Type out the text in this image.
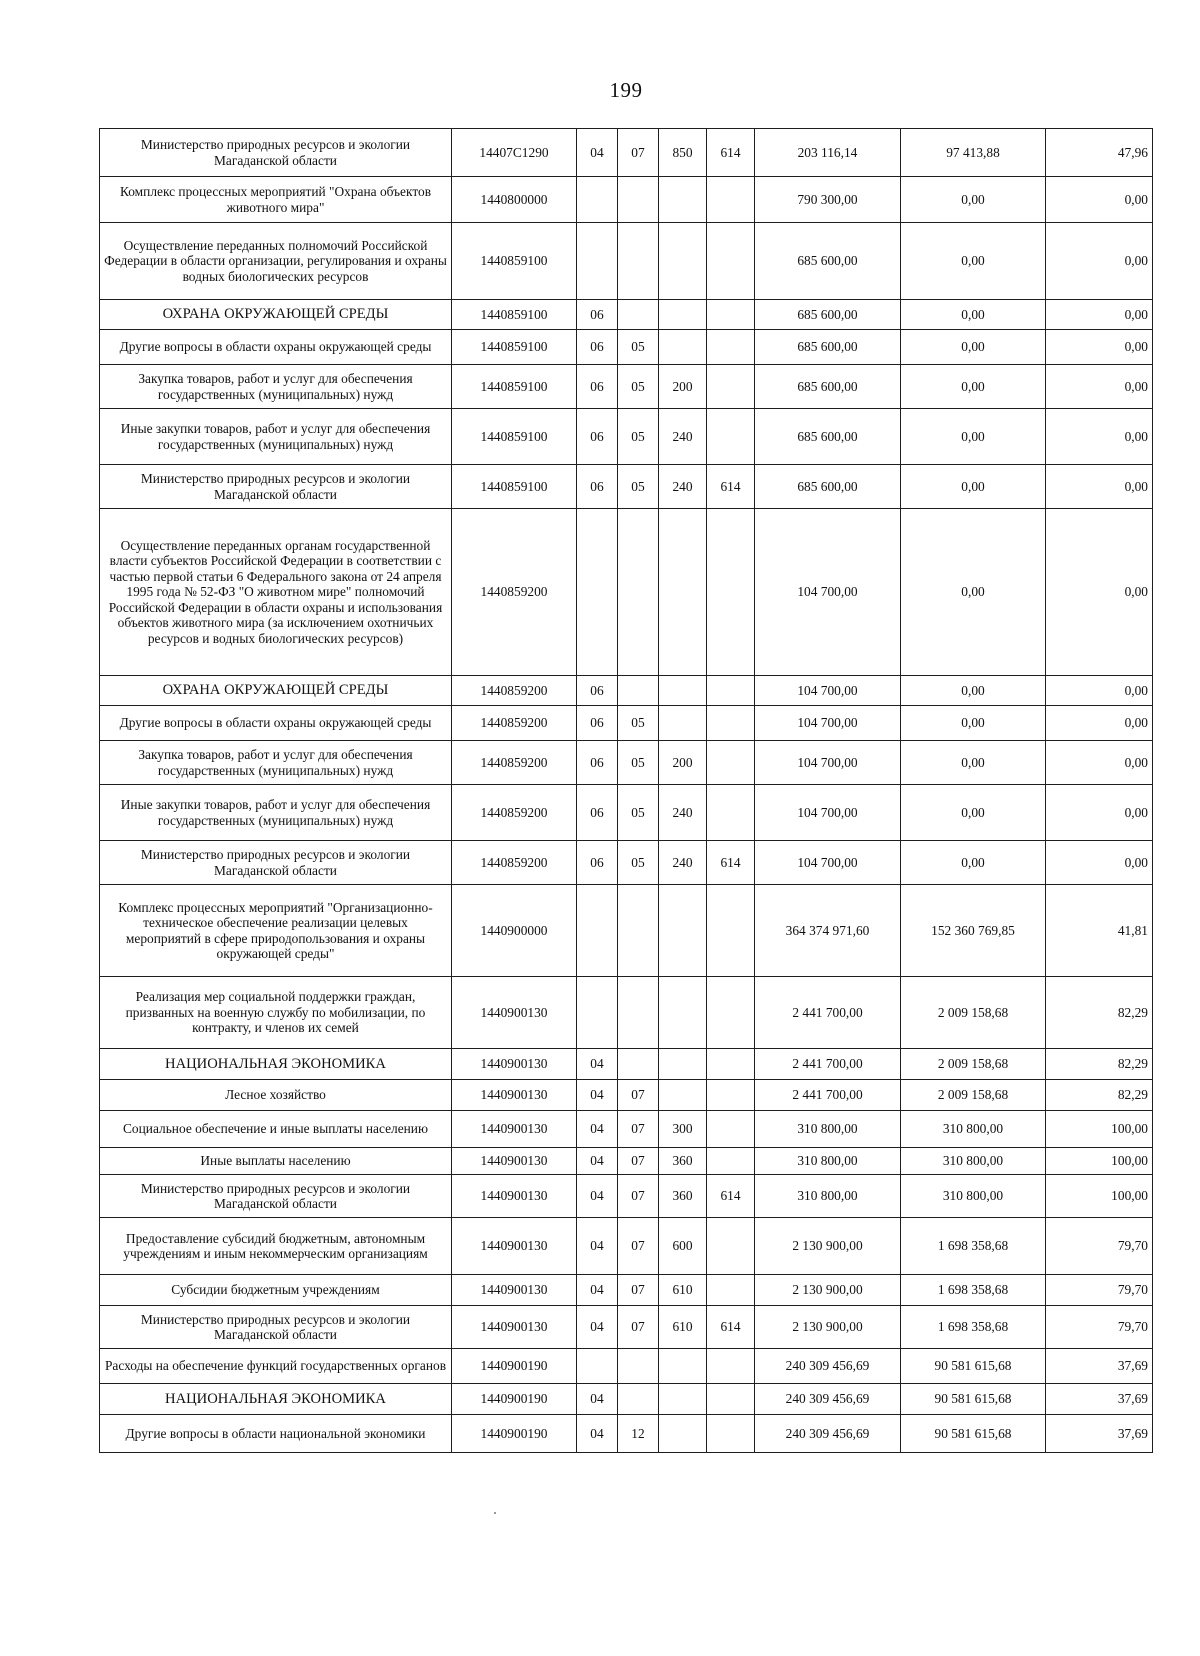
199
Министерство природных ресурсов и экологии Магаданской области	14407С1290	04	07	850	614	203 116,14	97 413,88	47,96
Комплекс процессных мероприятий "Охрана объектов животного мира"	1440800000					790 300,00	0,00	0,00
Осуществление переданных полномочий Российской Федерации в области организации, регулирования и охраны водных биологических ресурсов	1440859100					685 600,00	0,00	0,00
ОХРАНА ОКРУЖАЮЩЕЙ СРЕДЫ	1440859100	06				685 600,00	0,00	0,00
Другие вопросы в области охраны окружающей среды	1440859100	06	05			685 600,00	0,00	0,00
Закупка товаров, работ и услуг для обеспечения государственных (муниципальных) нужд	1440859100	06	05	200		685 600,00	0,00	0,00
Иные закупки товаров, работ и услуг для обеспечения государственных (муниципальных) нужд	1440859100	06	05	240		685 600,00	0,00	0,00
Министерство природных ресурсов и экологии Магаданской области	1440859100	06	05	240	614	685 600,00	0,00	0,00
Осуществление переданных органам государственной власти субъектов Российской Федерации в соответствии с частью первой статьи 6 Федерального закона от 24 апреля 1995 года № 52-ФЗ "О животном мире" полномочий Российской Федерации в области охраны и использования объектов животного мира (за исключением охотничьих ресурсов и водных биологических ресурсов)	1440859200					104 700,00	0,00	0,00
ОХРАНА ОКРУЖАЮЩЕЙ СРЕДЫ	1440859200	06				104 700,00	0,00	0,00
Другие вопросы в области охраны окружающей среды	1440859200	06	05			104 700,00	0,00	0,00
Закупка товаров, работ и услуг для обеспечения государственных (муниципальных) нужд	1440859200	06	05	200		104 700,00	0,00	0,00
Иные закупки товаров, работ и услуг для обеспечения государственных (муниципальных) нужд	1440859200	06	05	240		104 700,00	0,00	0,00
Министерство природных ресурсов и экологии Магаданской области	1440859200	06	05	240	614	104 700,00	0,00	0,00
Комплекс процессных мероприятий "Организационно-техническое обеспечение реализации целевых мероприятий в сфере природопользования и охраны окружающей среды"	1440900000					364 374 971,60	152 360 769,85	41,81
Реализация мер социальной поддержки граждан, призванных на военную службу по мобилизации, по контракту, и членов их семей	1440900130					2 441 700,00	2 009 158,68	82,29
НАЦИОНАЛЬНАЯ ЭКОНОМИКА	1440900130	04				2 441 700,00	2 009 158,68	82,29
Лесное хозяйство	1440900130	04	07			2 441 700,00	2 009 158,68	82,29
Социальное обеспечение и иные выплаты населению	1440900130	04	07	300		310 800,00	310 800,00	100,00
Иные выплаты населению	1440900130	04	07	360		310 800,00	310 800,00	100,00
Министерство природных ресурсов и экологии Магаданской области	1440900130	04	07	360	614	310 800,00	310 800,00	100,00
Предоставление субсидий бюджетным, автономным учреждениям и иным некоммерческим организациям	1440900130	04	07	600		2 130 900,00	1 698 358,68	79,70
Субсидии бюджетным учреждениям	1440900130	04	07	610		2 130 900,00	1 698 358,68	79,70
Министерство природных ресурсов и экологии Магаданской области	1440900130	04	07	610	614	2 130 900,00	1 698 358,68	79,70
Расходы на обеспечение функций государственных органов	1440900190					240 309 456,69	90 581 615,68	37,69
НАЦИОНАЛЬНАЯ ЭКОНОМИКА	1440900190	04				240 309 456,69	90 581 615,68	37,69
Другие вопросы в области национальной экономики	1440900190	04	12			240 309 456,69	90 581 615,68	37,69
